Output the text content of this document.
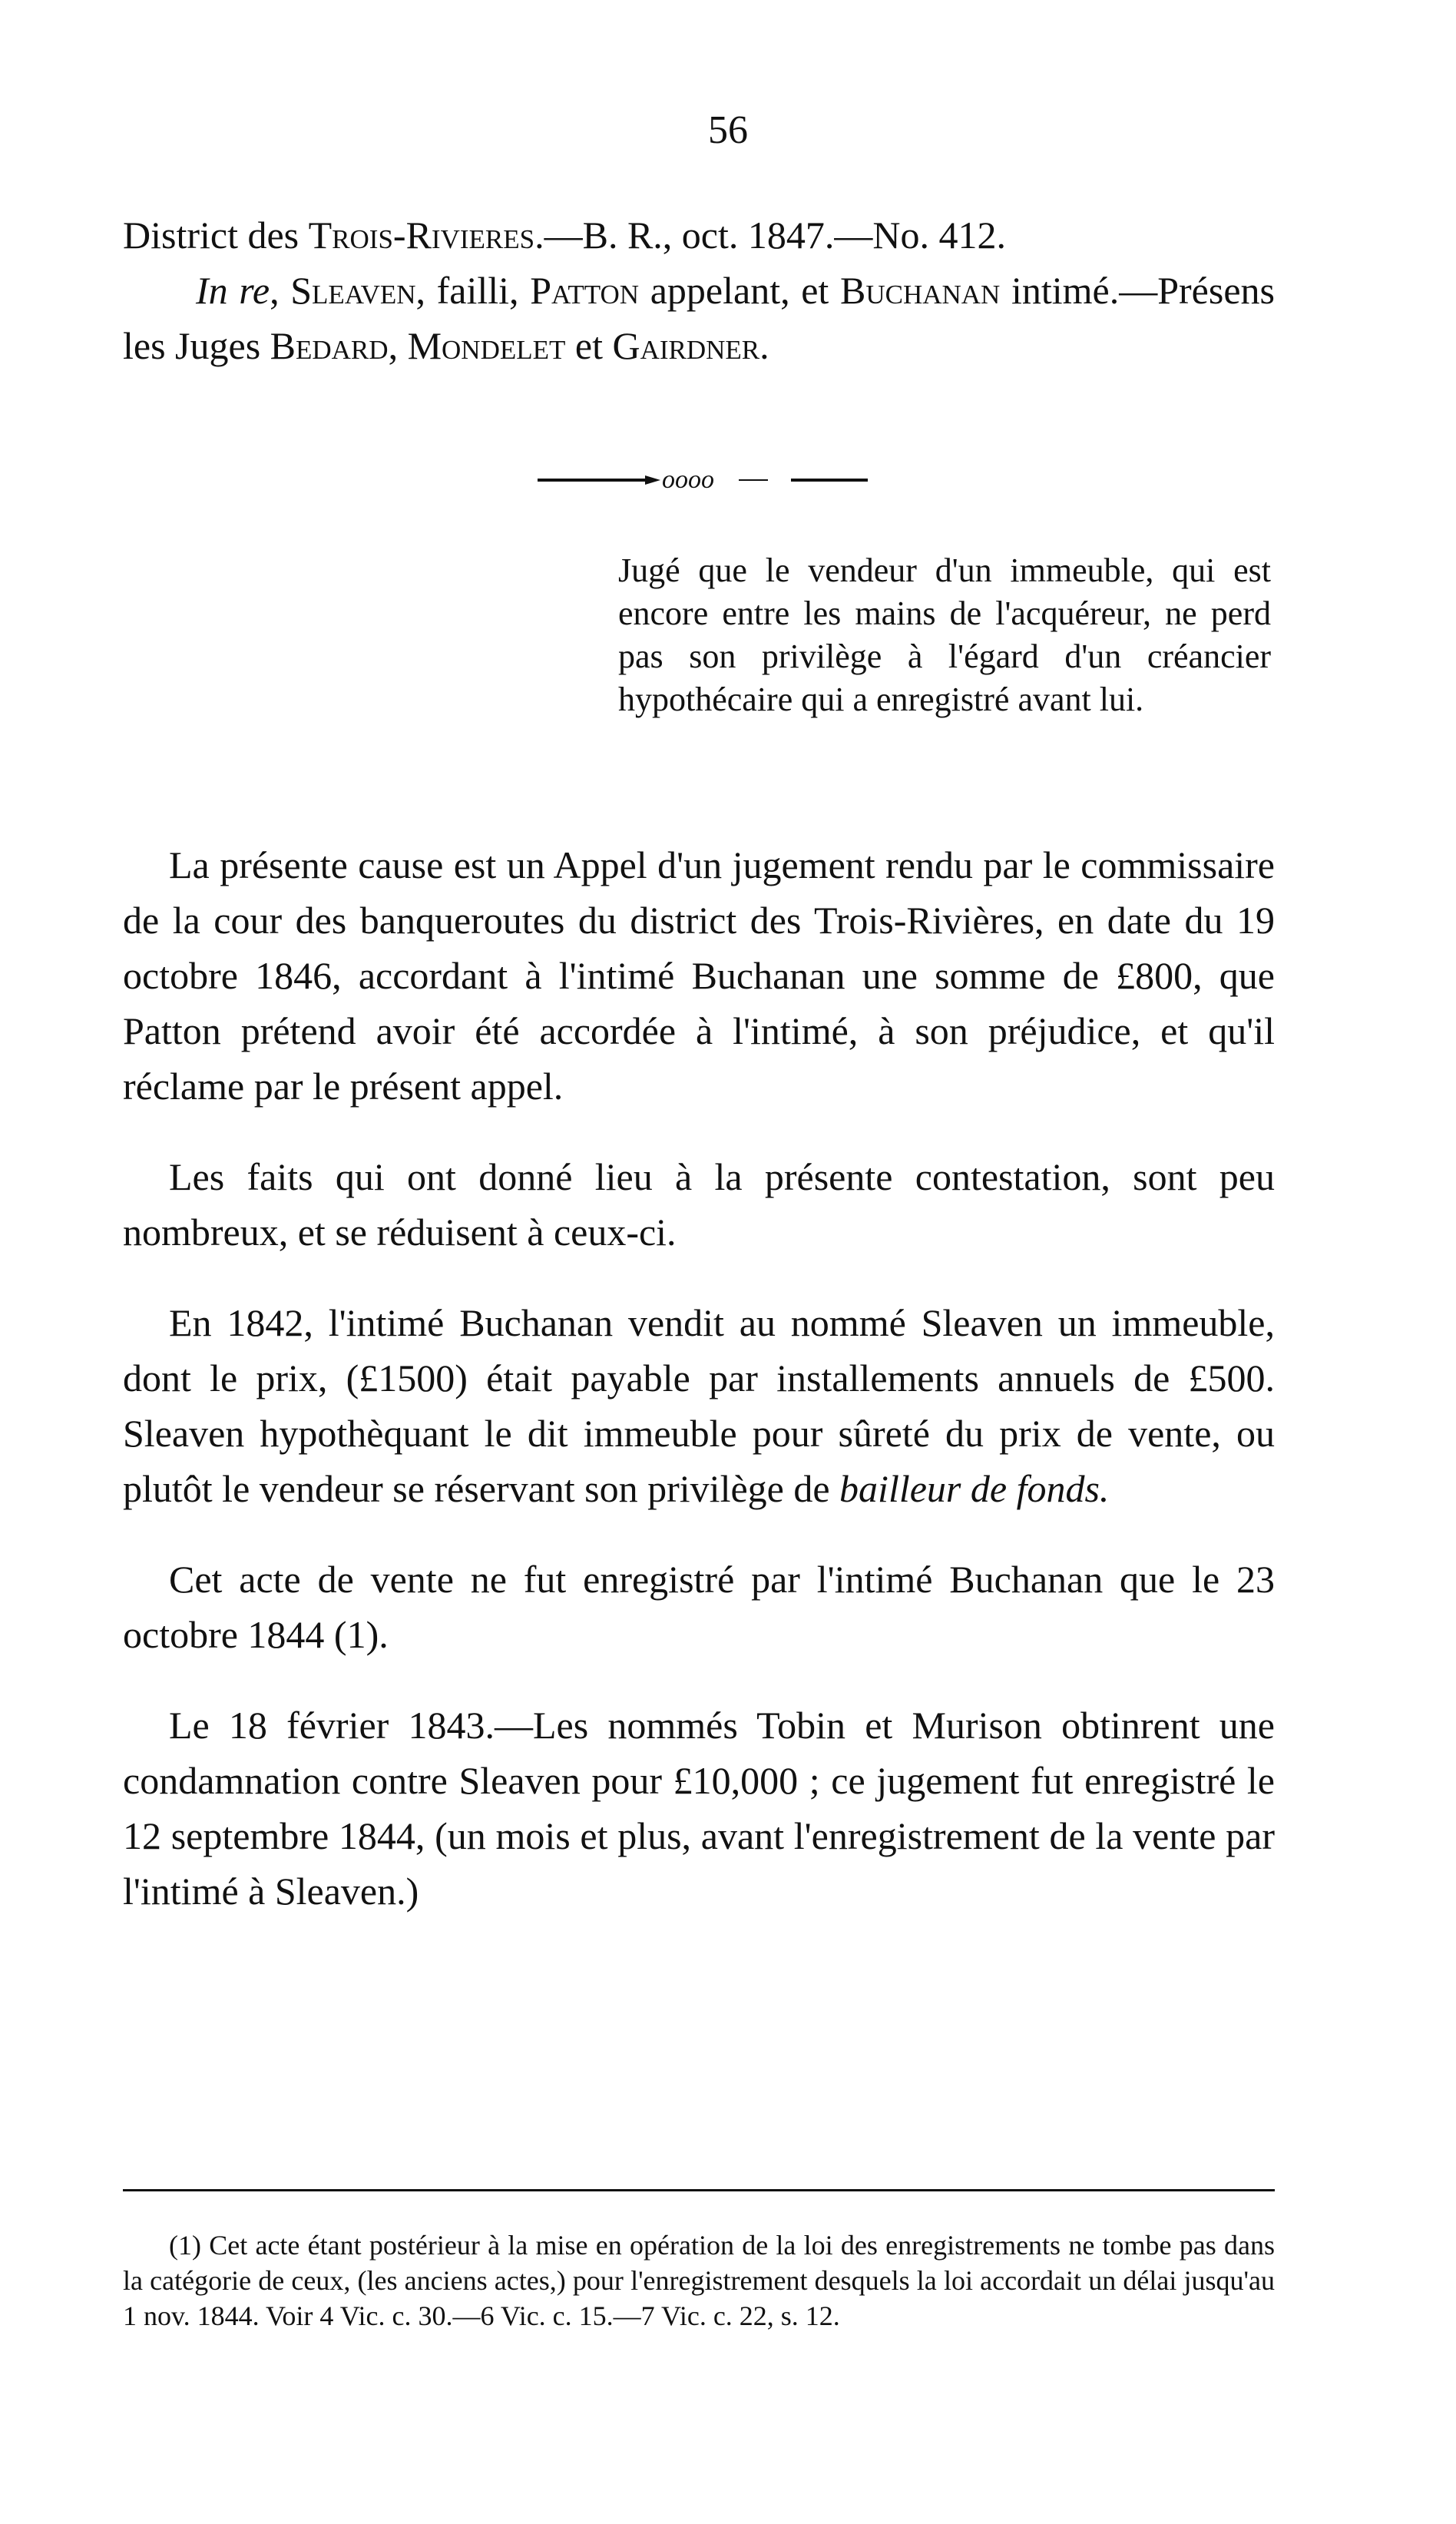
56
District des Trois-Rivieres.—B. R., oct. 1847.—No. 412.
In re, Sleaven, failli, Patton appelant, et Buchanan intimé.—Présens les Juges Bedard, Mondelet et Gairdner.
oooo
Jugé que le vendeur d'un immeuble, qui est encore entre les mains de l'acquéreur, ne perd pas son privilège à l'égard d'un créancier hypothécaire qui a enregistré avant lui.

La présente cause est un Appel d'un jugement rendu par le commissaire de la cour des banqueroutes du district des Trois-Rivières, en date du 19 octobre 1846, accordant à l'intimé Buchanan une somme de £800, que Patton prétend avoir été accordée à l'intimé, à son préjudice, et qu'il réclame par le présent appel.

Les faits qui ont donné lieu à la présente contestation, sont peu nombreux, et se réduisent à ceux-ci.

En 1842, l'intimé Buchanan vendit au nommé Sleaven un immeuble, dont le prix, (£1500) était payable par installements annuels de £500. Sleaven hypothèquant le dit immeuble pour sûreté du prix de vente, ou plutôt le vendeur se réservant son privilège de bailleur de fonds.

Cet acte de vente ne fut enregistré par l'intimé Buchanan que le 23 octobre 1844 (1).

Le 18 février 1843.—Les nommés Tobin et Murison obtinrent une condamnation contre Sleaven pour £10,000 ; ce jugement fut enregistré le 12 septembre 1844, (un mois et plus, avant l'enregistrement de la vente par l'intimé à Sleaven.)

(1) Cet acte étant postérieur à la mise en opération de la loi des enregistrements ne tombe pas dans la catégorie de ceux, (les anciens actes,) pour l'enregistrement desquels la loi accordait un délai jusqu'au 1 nov. 1844. Voir 4 Vic. c. 30.—6 Vic. c. 15.—7 Vic. c. 22, s. 12.
